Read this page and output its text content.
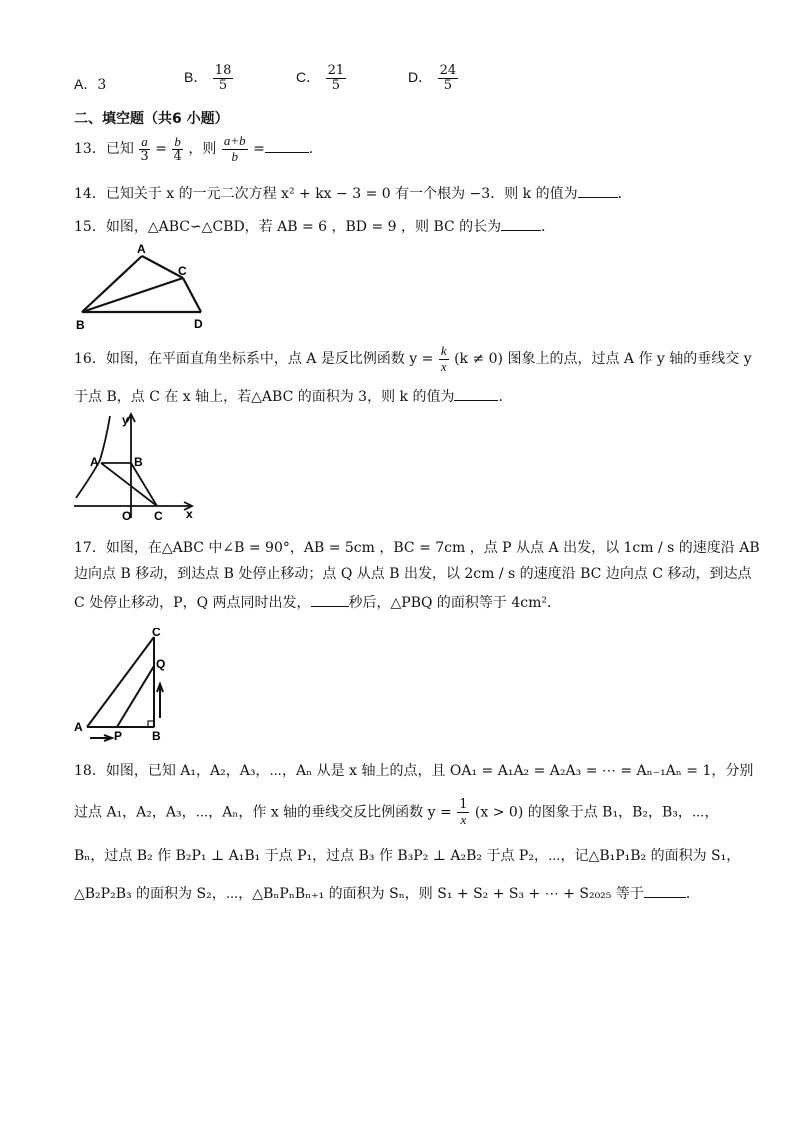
A．3	B． $\frac{18}{5}$	C． $\frac{21}{5}$	D． $\frac{24}{5}$
二、填空题（共6 小题）
13．已知 $\frac{a}{3} = \frac{b}{4}$ ，则 $\frac{a+b}{b}$ =	．
14．已知关于 x 的一元二次方程 x² + kx − 3 = 0 有一个根为 −3．则 k 的值为	．
15．如图，△ABC∽△CBD，若 AB = 6 ，BD = 9 ，则 BC 的长为	．
A
C
B	D
16．如图，在平面直角坐标系中，点 A 是反比例函数 $y = \frac{k}{x} (k \ne 0)$ 图象上的点，过点 A 作 y 轴的垂线交 y
于点 B，点 C 在 x 轴上，若△ABC 的面积为 3，则 k 的值为	．
y
x
A	B
O C
17．如图，在△ABC 中∠B = 90°，AB = 5cm ，BC = 7cm ，点 P 从点 A 出发，以 1cm / s 的速度沿 AB
边向点 B 移动，到达点 B 处停止移动；点 Q 从点 B 出发，以 2cm / s 的速度沿 BC 边向点 C 移动，到达点
C 处停止移动，P，Q 两点同时出发，	秒后，△PBQ 的面积等于 4cm²．
C
Q
A
P B
18．如图，已知 A₁，A₂，A₃，⋯，Aₙ 从是 x 轴上的点，且 OA₁ = A₁A₂ = A₂A₃ = ⋯ = Aₙ₋₁Aₙ = 1，分别
过点 A₁，A₂，A₃，⋯，Aₙ，作 x 轴的垂线交反比例函数 $y = \frac{1}{x} (x > 0)$ 的图象于点 B₁，B₂，B₃，⋯，
Bₙ，过点 B₂ 作 B₂P₁ ⊥ A₁B₁ 于点 P₁，过点 B₃ 作 B₃P₂ ⊥ A₂B₂ 于点 P₂，⋯，记△B₁P₁B₂ 的面积为 S₁，
△B₂P₂B₃ 的面积为 S₂，⋯，△BₙPₙBₙ₊₁ 的面积为 Sₙ，则 S₁ + S₂ + S₃ + ⋯ + S₂₀₂₅ 等于	．
